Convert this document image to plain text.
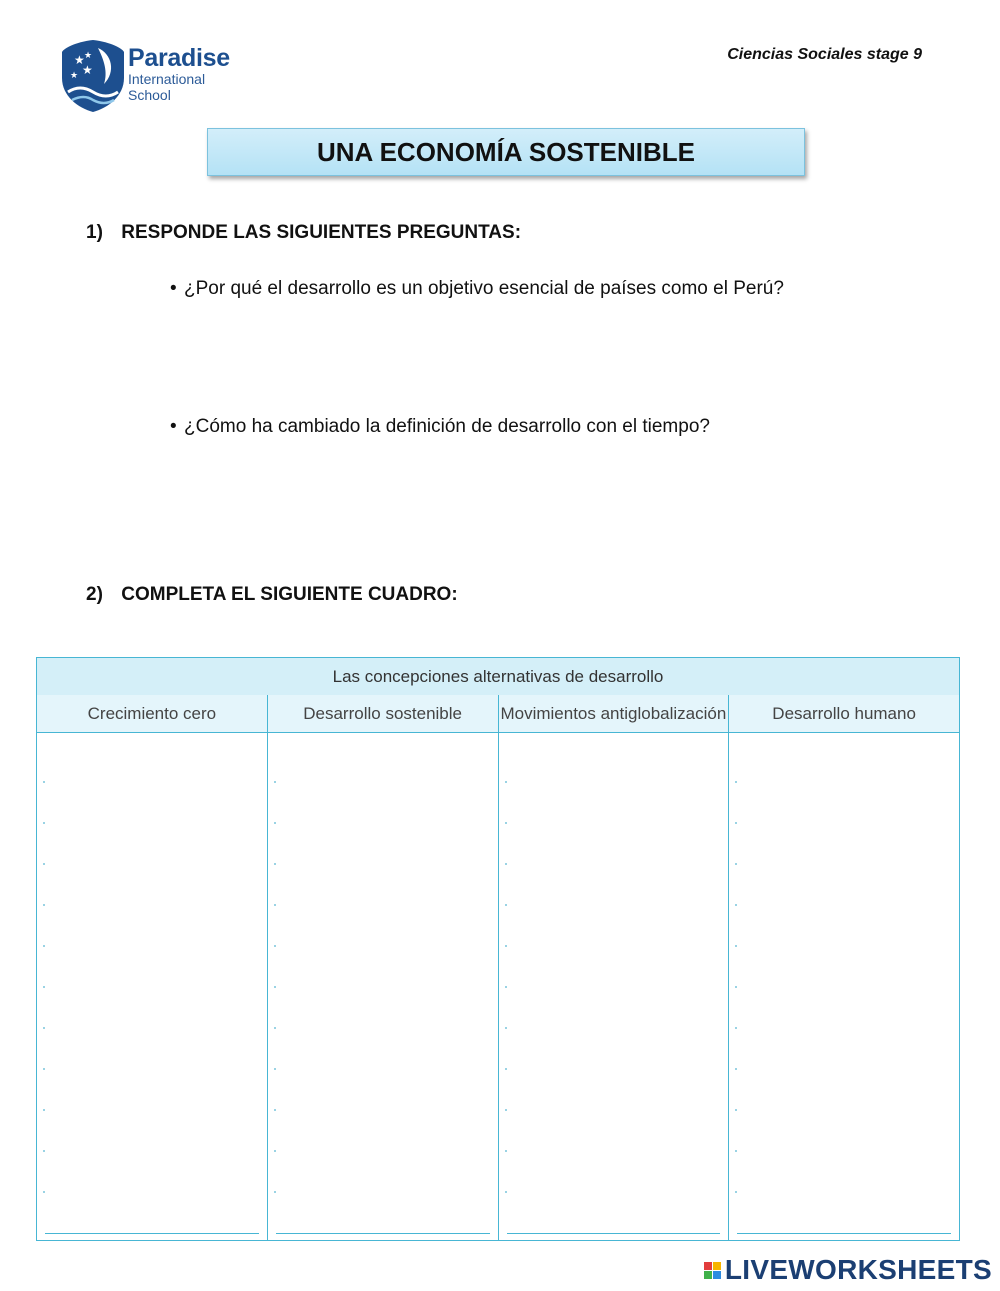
★ ★
★ ★ Paradise
International
School
Ciencias Sociales stage 9
UNA ECONOMÍA SOSTENIBLE
1) RESPONDE LAS SIGUIENTES PREGUNTAS:
• ¿Por qué el desarrollo es un objetivo esencial de países como el Perú?
• ¿Cómo ha cambiado la definición de desarrollo con el tiempo?
2) COMPLETA EL SIGUIENTE CUADRO:
Las concepciones alternativas de desarrollo
Crecimiento cero	Desarrollo sostenible	Movimientos antiglobalización	Desarrollo humano
LIVEWORKSHEETS
